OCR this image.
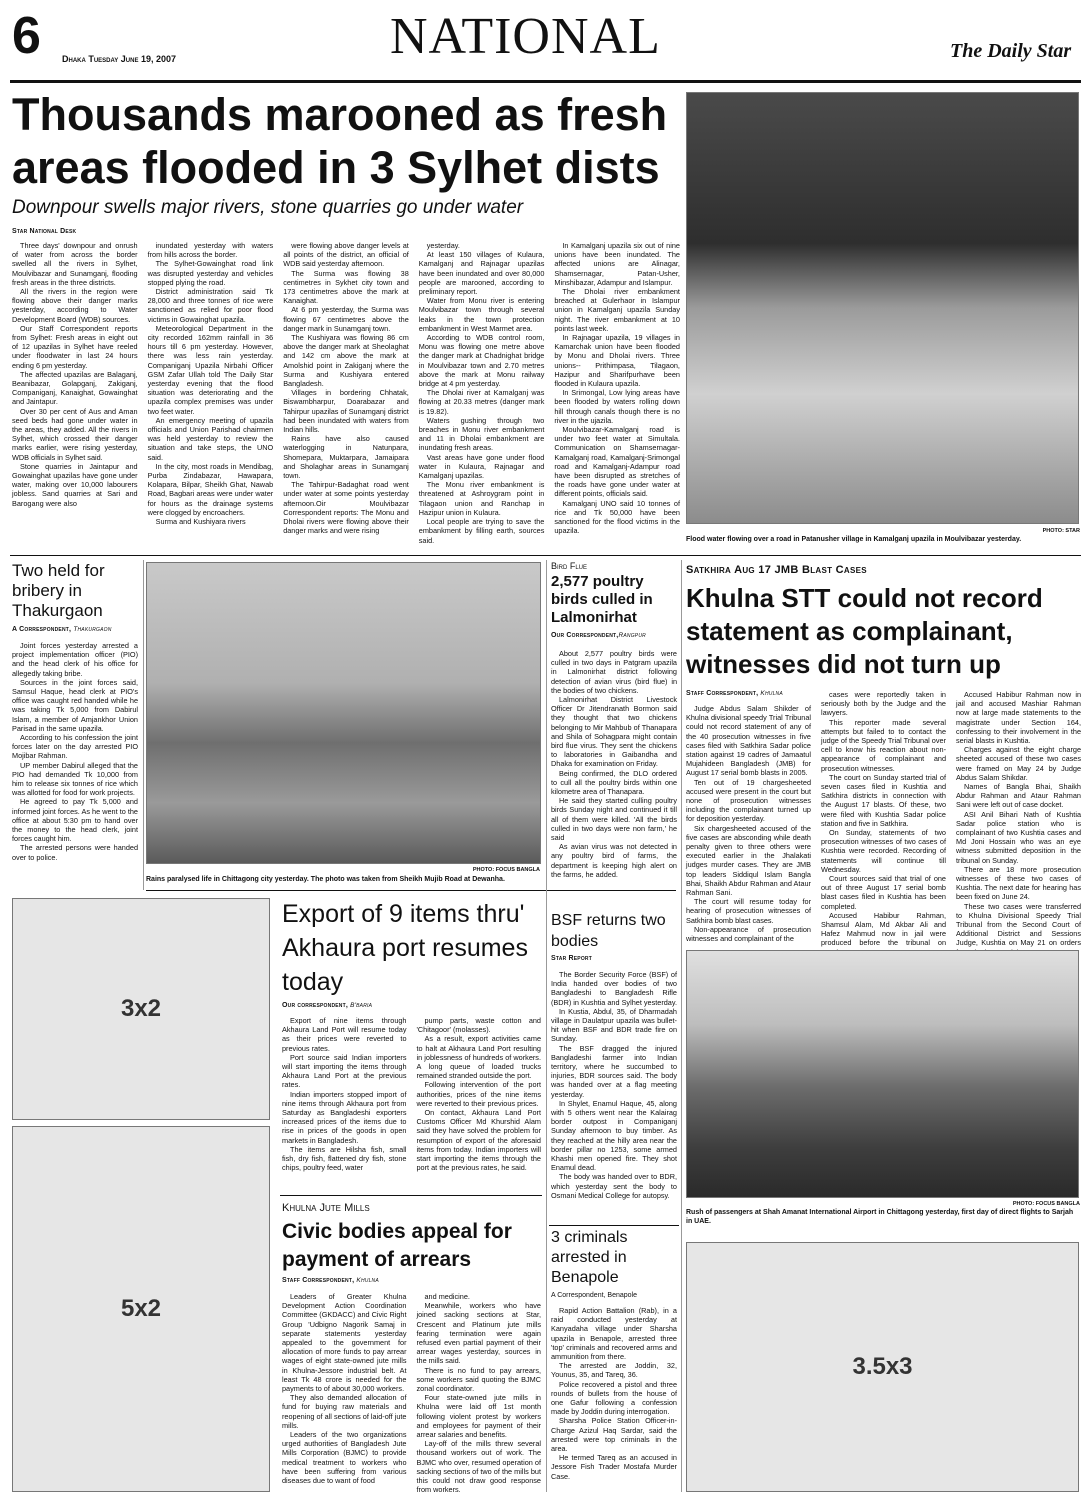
6 Dhaka Tuesday June 19, 2007	NATIONAL	The Daily Star
Thousands marooned as fresh areas flooded in 3 Sylhet dists
Downpour swells major rivers, stone quarries go under water
Star National Desk

Three days' downpour and onrush of water from across the border swelled all the rivers in Sylhet, Moulvibazar and Sunamganj, flooding fresh areas in the three districts.

All the rivers in the region were flowing above their danger marks yesterday, according to Water Development Board (WDB) sources.

Our Staff Correspondent reports from Sylhet: Fresh areas in eight out of 12 upazilas in Sylhet have reeled under floodwater in last 24 hours ending 6 pm yesterday.

The affected upazilas are Balaganj, Beanibazar, Golapganj, Zakiganj, Companiganj, Kanaighat, Gowainghat and Jaintapur.

Over 30 per cent of Aus and Aman seed beds had gone under water in the areas, they added. All the rivers in Sylhet, which crossed their danger marks earlier, were rising yesterday, WDB officials in Sylhet said.

Stone quarries in Jaintapur and Gowainghat upazilas have gone under water, making over 10,000 labourers jobless. Sand quarries at Sari and Barogang were also

inundated yesterday with waters from hills across the border.

The Sylhet-Gowainghat road link was disrupted yesterday and vehicles stopped plying the road.

District administration said Tk 28,000 and three tonnes of rice were sanctioned as relied for poor flood victims in Gowainghat upazila.

Meteorological Department in the city recorded 162mm rainfall in 36 hours till 6 pm yesterday. However, there was less rain yesterday. Companiganj Upazila Nirbahi Officer GSM Zafar Ullah told The Daily Star yesterday evening that the flood situation was deteriorating and the upazila complex premises was under two feet water.

An emergency meeting of upazila officials and Union Parishad chairmen was held yesterday to review the situation and take steps, the UNO said.

In the city, most roads in Mendibag, Purba Zindabazar, Hawapara, Kolapara, Bilpar, Sheikh Ghat, Nawab Road, Bagbari areas were under water for hours as the drainage systems were clogged by encroachers.

Surma and Kushiyara rivers

were flowing above danger levels at all points of the district, an official of WDB said yesterday afternoon.

The Surma was flowing 38 centimetres in Sykhet city town and 173 centimetres above the mark at Kanaighat.

At 6 pm yesterday, the Surma was flowing 67 centimetres above the danger mark in Sunamganj town.

The Kushiyara was flowing 86 cm above the danger mark at Sheolaghat and 142 cm above the mark at Amolshid point in Zakiganj where the Surma and Kushiyara entered Bangladesh.

Villages in bordering Chhatak, Biswambharpur, Doarabazar and Tahirpur upazilas of Sunamganj district had been inundated with waters from Indian hills.

Rains have also caused waterlogging in Natunpara, Shomepara, Muktarpara, Jamaipara and Sholaghar areas in Sunamganj town.

The Tahirpur-Badaghat road went under water at some points yesterday afternoon.Oir Moulvibazar Correspondent reports: The Monu and Dholai rivers were flowing above their danger marks and were rising

yesterday.

At least 150 villages of Kulaura, Kamalganj and Rajnagar upazilas have been inundated and over 80,000 people are marooned, according to preliminary report.

Water from Monu river is entering Moulvibazar town through several leaks in the town protection embankment in West Marmet area.

According to WDB control room, Monu was flowing one metre above the danger mark at Chadnighat bridge in Moulvibazar town and 2.70 metres above the mark at Monu railway bridge at 4 pm yesterday.

The Dholai river at Kamalganj was flowing at 20.33 metres (danger mark is 19.82).

Waters gushing through two breaches in Monu river embankment and 11 in Dholai embankment are inundating fresh areas.

Vast areas have gone under flood water in Kulaura, Rajnagar and Kamalganj upazilas.

The Monu river embankment is threatened at Ashroygram point in Tilagaon union and Ranchap in Hazipur union in Kulaura.

Local people are trying to save the embankment by filling earth, sources said.

In Kamalganj upazila six out of nine unions have been inundated. The affected unions are Alinagar, Shamsernagar, Patan-Usher, Minshibazar, Adampur and Islampur.

The Dholai river embankment breached at Gulerhaor in Islampur union in Kamalganj upazila Sunday night. The river embankment at 10 points last week.

In Rajnagar upazila, 19 villages in Kamarchak union have been flooded by Monu and Dholai rivers. Three unions-- Prithimpasa, Tilagaon, Hazipur and Sharifpurhave been flooded in Kulaura upazila.

In Srimongal, Low lying areas have been flooded by waters rolling down hill through canals though there is no river in the ujazila.

Moulvibazar-Kamalganj road is under two feet water at Simultala. Communication on Shamsernagar-Kamalganj road, Kamalganj-Srimongal road and Kamalganj-Adampur road have been disrupted as stretches of the roads have gone under water at different points, officials said.

Kamalganj UNO said 10 tonnes of rice and Tk 50,000 have been sanctioned for the flood victims in the upazila.	PHOTO: STAR
Flood water flowing over a road in Patanusher village in Kamalganj upazila in Moulvibazar yesterday.
Two held for bribery in Thakurgaon
A Correspondent, Thakurgaon

Joint forces yesterday arrested a project implementation officer (PIO) and the head clerk of his office for allegedly taking bribe.

Sources in the joint forces said, Samsul Haque, head clerk at PIO's office was caught red handed while he was taking Tk 5,000 from Dabirul Islam, a member of Amjankhor Union Parisad in the same upazila.

According to his confession the joint forces later on the day arrested PIO Mojibar Rahman.

UP member Dabirul alleged that the PIO had demanded Tk 10,000 from him to release six tonnes of rice which was allotted for food for work projects.

He agreed to pay Tk 5,000 and informed joint forces. As he went to the office at about 5:30 pm to hand over the money to the head clerk, joint forces caught him.

The arrested persons were handed over to police.

PHOTO: FOCUS BANGLA
Rains paralysed life in Chittagong city yesterday. The photo was taken from Sheikh Mujib Road at Dewanha.
Bird Flue
2,577 poultry birds culled in Lalmonirhat
Our Correspondent,Rangpur

About 2,577 poultry birds were culled in two days in Patgram upazila in Lalmonirhat district following detection of avian virus (bird flue) in the bodies of two chickens.

Lalmonirhat District Livestock Officer Dr Jitendranath Bormon said they thought that two chickens belonging to Mir Mahbub of Thanapara and Shila of Sohagpara might contain bird flue virus. They sent the chickens to laboratories in Gaibandha and Dhaka for examination on Friday.

Being confirmed, the DLO ordered to cull all the poultry birds within one kilometre area of Thanapara.

He said they started culling poultry birds Sunday night and continued it till all of them were killed. 'All the birds culled in two days were non farm,' he said

As avian virus was not detected in any poultry bird of farms, the department is keeping high alert on the farms, he added.

Satkhira Aug 17 JMB Blast Cases
Khulna STT could not record statement as complainant, witnesses did not turn up
Staff Correspondent, Khulna

Judge Abdus Salam Shikder of Khulna divisional speedy Trial Tribunal could not record statement of any of the 40 prosecution witnesses in five cases filed with Satkhira Sadar police station against 19 cadres of Jamaatul Mujahideen Bangladesh (JMB) for August 17 serial bomb blasts in 2005.

Ten out of 19 chargesheeted accused were present in the court but none of prosecution witnesses including the complainant turned up for deposition yesterday.

Six chargesheeted accused of the five cases are absconding while death penalty given to three others were executed earlier in the Jhalakati judges murder cases. They are JMB top leaders Siddiqul Islam Bangla Bhai, Shaikh Abdur Rahman and Ataur Rahman Sani.

The court will resume today for hearing of prosecution witnesses of Satkhira bomb blast cases.

Non-appearance of prosecution witnesses and complainant of the

cases were reportedly taken in seriously both by the Judge and the lawyers.

This reporter made several attempts but failed to to contact the judge of the Speedy Trial Tribunal over cell to know his reaction about non-appearance of complainant and prosecution witnesses.

The court on Sunday started trial of seven cases filed in Kushtia and Satkhira districts in connection with the August 17 blasts. Of these, two were filed with Kushtia Sadar police station and five in Satkhira.

On Sunday, statements of two prosecution witnesses of two cases of Kushtia were recorded. Recording of statements will continue till Wednesday.

Court sources said that trial of one out of three August 17 serial bomb blast cases filed in Kushtia has been completed.

Accused Habibur Rahman, Shamsul Alam, Md Akbar Ali and Hafez Mahmud now in jail were produced before the tribunal on

Accused Habibur Rahman now in jail and accused Mashiar Rahman now at large made statements to the magistrate under Section 164, confessing to their involvement in the serial blasts in Kushtia.

Charges against the eight charge sheeted accused of these two cases were framed on May 24 by Judge Abdus Salam Shikdar.

Names of Bangla Bhai, Shaikh Abdur Rahman and Ataur Rahman Sani were left out of case docket.

ASI Anil Bihari Nath of Kushtia Sadar police station who is complainant of two Kushtia cases and Md Joni Hossain who was an eye witness submitted deposition in the tribunal on Sunday.

There are 18 more prosecution witnesses of these two cases of Kushtia. The next date for hearing has been fixed on June 24.

These two cases were transferred to Khulna Divisional Speedy Trial Tribunal from the Second Court of Additional District and Sessions Judge, Kushtia on May 21 on orders

3x2
5x2
3.5x3
Export of 9 items thru' Akhaura port resumes today
Our correspondent, B'baria

Export of nine items through Akhaura Land Port will resume today as their prices were reverted to previous rates.

Port source said Indian importers will start importing the items through Akhaura Land Port at the previous rates.

Indian importers stopped import of nine items through Akhaura port from Saturday as Bangladeshi exporters increased prices of the items due to rise in prices of the goods in open markets in Bangladesh.

The items are Hilsha fish, small fish, dry fish, flattened dry fish, stone chips, poultry feed, water

pump parts, waste cotton and 'Chitagoor' (molasses).

As a result, export activities came to halt at Akhaura Land Port resulting in joblessness of hundreds of workers. A long queue of loaded trucks remained stranded outside the port.

Following intervention of the port authorities, prices of the nine items were reverted to their previous prices.

On contact, Akhaura Land Port Customs Officer Md Khurshid Alam said they have solved the problem for resumption of export of the aforesaid items from today. Indian importers will start importing the items through the port at the previous rates, he said.

Khulna Jute Mills
Civic bodies appeal for payment of arrears
Staff Correspondent, Khulna

Leaders of Greater Khulna Development Action Coordination Committee (GKDACC) and Civic Right Group 'Udbigno Nagorik Samaj in separate statements yesterday appealed to the government for allocation of more funds to pay arrear wages of eight state-owned jute mills in Khulna-Jessore industrial belt. At least Tk 48 crore is needed for the payments to of about 30,000 workers.

They also demanded allocation of fund for buying raw materials and reopening of all sections of laid-off jute mills.

Leaders of the two organizations urged authorities of Bangladesh Jute Mills Corporation (BJMC) to provide medical treatment to workers who have been suffering from various diseases due to want of food

and medicine.

Meanwhile, workers who have joined sacking sections at Star, Crescent and Platinum jute mills fearing termination were again refused even partial payment of their arrear wages yesterday, sources in the mills said.

There is no fund to pay arrears, some workers said quoting the BJMC zonal coordinator.

Four state-owned jute mills in Khulna were laid off 1st month following violent protest by workers and employees for payment of their arrear salaries and benefits.

Lay-off of the mills threw several thousand workers out of work. The BJMC who over, resumed operation of sacking sections of two of the mills but this could not draw good response from workers.

BSF returns two bodies
Star Report

The Border Security Force (BSF) of India handed over bodies of two Bangladeshi to Bangladesh Rifle (BDR) in Kushtia and Sylhet yesterday.

In Kustia, Abdul, 35, of Dharmadah village in Daulatpur upazila was bullet-hit when BSF and BDR trade fire on Sunday.

The BSF dragged the injured Bangladeshi farmer into Indian territory, where he succumbed to injuries, BDR sources said. The body was handed over at a flag meeting yesterday.

In Shylet, Enamul Haque, 45, along with 5 others went near the Kalairag border outpost in Companiganj Sunday afternoon to buy timber. As they reached at the hilly area near the border pillar no 1253, some armed Khashi men opened fire. They shot Enamul dead.

The body was handed over to BDR, which yesterday sent the body to Osmani Medical College for autopsy.

3 criminals arrested in Benapole
A Correspondent, Benapole

Rapid Action Battalion (Rab), in a raid conducted yesterday at Kanyadaha village under Sharsha upazila in Benapole, arrested three 'top' criminals and recovered arms and ammunition from there.

The arrested are Joddin, 32, Younus, 35, and Tareq, 36.

Police recovered a pistol and three rounds of bullets from the house of one Gafur following a confession made by Joddin during interrogation.

Sharsha Police Station Officer-in-Charge Azizul Haq Sardar, said the arrested were top criminals in the area.

He termed Tareq as an accused in Jessore Fish Trader Mostafa Murder Case.

PHOTO: FOCUS BANGLA
Rush of passengers at Shah Amanat International Airport in Chittagong yesterday, first day of direct flights to Sarjah in UAE.
